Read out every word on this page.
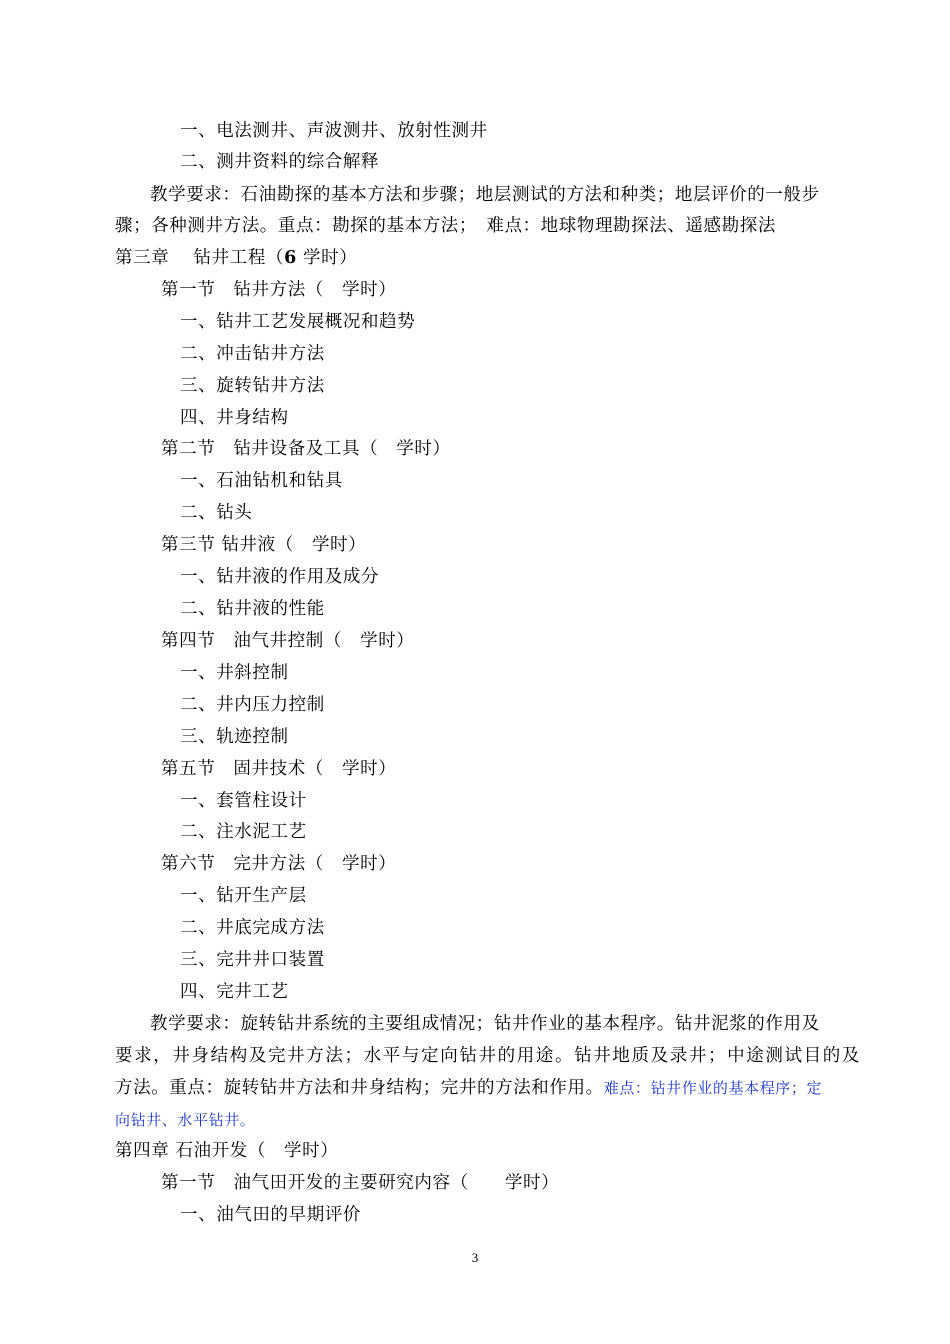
一、电法测井、声波测井、放射性测井
二、测井资料的综合解释
教学要求：石油勘探的基本方法和步骤；地层测试的方法和种类；地层评价的一般步
骤；各种测井方法。重点：勘探的基本方法；　难点：地球物理勘探法、遥感勘探法
第三章　 钻井工程（6 学时）
第一节　钻井方法（　学时）
一、钻井工艺发展概况和趋势
二、冲击钻井方法
三、旋转钻井方法
四、井身结构
第二节　钻井设备及工具（　学时）
一、石油钻机和钻具
二、钻头
第三节 钻井液（　学时）
一、钻井液的作用及成分
二、钻井液的性能
第四节　油气井控制（　学时）
一、井斜控制
二、井内压力控制
三、轨迹控制
第五节　固井技术（　学时）
一、套管柱设计
二、注水泥工艺
第六节　完井方法（　学时）
一、钻开生产层
二、井底完成方法
三、完井井口装置
四、完井工艺
教学要求：旋转钻井系统的主要组成情况；钻井作业的基本程序。钻井泥浆的作用及
要求，井身结构及完井方法；水平与定向钻井的用途。钻井地质及录井；中途测试目的及
方法。重点：旋转钻井方法和井身结构；完井的方法和作用。难点：钻井作业的基本程序；定
向钻井、水平钻井。
第四章 石油开发（　学时）
第一节　油气田开发的主要研究内容（　　学时）
一、油气田的早期评价
3
